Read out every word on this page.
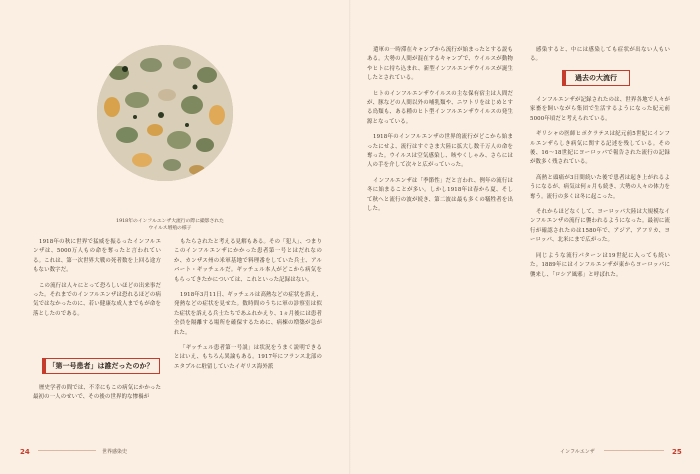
1918年のインフルエンザ大流行の際に撮影されたウイルス増殖の様子

1918年の秋に世界で猛威を振るったインフルエンザは、5000万人もの命を奪ったと言われている。これは、第一次世界大戦の死者数を上回る途方もない数字だ。

この流行は人々にとって恐ろしいほどの出来事だった。それまでのインフルエンザは恐れるほどの病気ではなかったのに、若い健康な成人までもが命を落としたのである。

「第一号患者」は誰だったのか？

歴史学者の間では、不幸にもこの病気にかかった最初の一人のせいで、その後の世界的な惨禍が

もたらされたと考える見解もある。その「犯人」、つまりこのインフルエンザにかかった患者第一号とはだれなのか、カンザス州の米軍基地で料理番をしていた兵士、アルバート・ギッチェルだ。ギッチェル本人がどこから病気をもらってきたかについては、これといった記録はない。

1918年3月11日、ギッチェルは高熱などの症状を訴え、発熱などの症状を見せた。数時間のうちに軍の診察室は似た症状を訴える兵士たちであふれかえり、1ヵ月後には患者全員を隔離する場所を確保するために、病棟の増築が急がれた。

「ギッチェル患者第一号説」は状況をうまく説明できるとはいえ、もちろん異論もある。1917年にフランス北部のエタプルに駐留していたイギリス海外派

遣軍の一時滞在キャンプから流行が始まったとする説もある。大勢の人間が混在するキャンプで、ウイルスが動物やヒトに持ち込まれ、新型インフルエンザウイルスが誕生したとされている。

ヒトのインフルエンザウイルスの主な保有宿主は人間だが、豚などの人間以外の哺乳類や、ニワトリをはじめとする鳥類も、ある種のヒト型インフルエンザウイルスの発生源となっている。

1918年のインフルエンザの世界的流行がどこから始まったにせよ、流行はすぐさま大陸に拡大し数千万人の命を奪った。ウイルスは空気感染し、咳やくしゃみ、さらには人の手を介して次々と広がっていった。

インフルエンザは「季節性」だと言われ、例年の流行は冬に始まることが多い。しかし1918年は春から夏、そして秋へと流行の波が続き、第二波は最も多くの犠牲者を出した。

感染すると、中には感染しても症状が出ない人もいる。

過去の大流行

インフルエンザが記録されたのは、世界各地で人々が家畜を飼いながら集団で生活するようになった紀元前5000年頃だと考えられている。

ギリシャの医師ヒポクラテスは紀元前5世紀にインフルエンザらしき病気に関する記述を残している。その後、16〜18世紀にヨーロッパで報告された流行の記録が数多く残されている。

高熱と頭痛が3日間続いた後で患者は起き上がれるようになるが、病気は何ヵ月も続き、大勢の人々の体力を奪う。流行の多くは冬に起こった。

それからほどなくして、ヨーロッパ大陸は大規模なインフルエンザの流行に襲われるようになった。最初に流行が確認されたのは1580年で、アジア、アフリカ、ヨーロッパ、北米にまで広がった。

同じような流行パターンは19世紀に入っても続いた。1889年にはインフルエンザが東からヨーロッパに襲来し、「ロシア風邪」と呼ばれた。

24	世界感染史	インフルエンザ	25
